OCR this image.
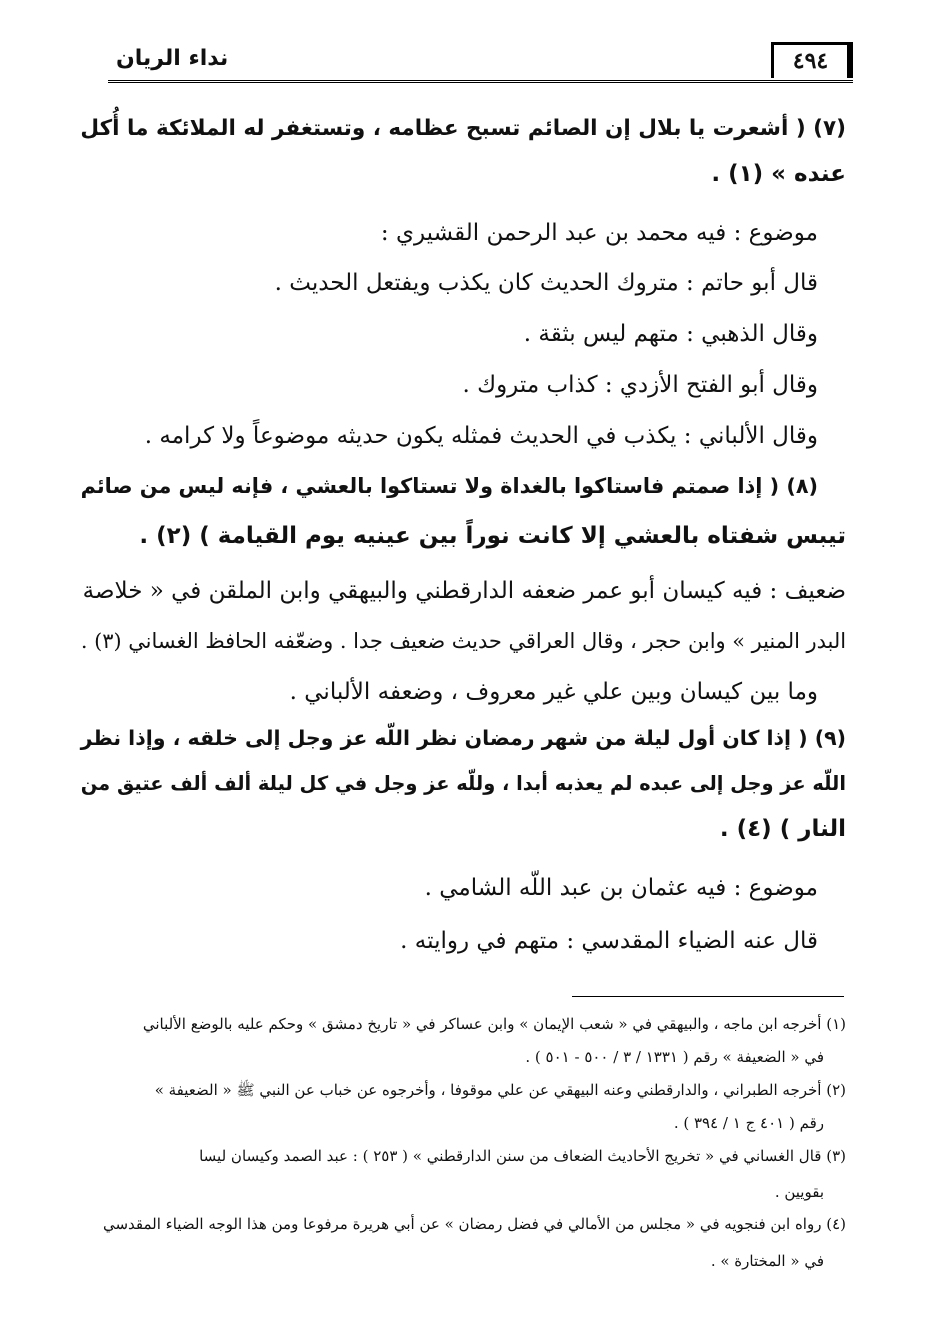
٤٩٤
نداء الريان
(٧) ( أشعرت يا بلال إن الصائم تسبح عظامه ، وتستغفر له الملائكة ما أُكل
عنده » (١) .
موضوع : فيه محمد بن عبد الرحمن القشيري :
قال أبو حاتم : متروك الحديث كان يكذب ويفتعل الحديث .
وقال الذهبي : متهم ليس بثقة .
وقال أبو الفتح الأزدي : كذاب متروك .
وقال الألباني : يكذب في الحديث فمثله يكون حديثه موضوعاً ولا كرامه .
(٨) ( إذا صمتم فاستاكوا بالغداة ولا تستاكوا بالعشي ، فإنه ليس من صائم
تيبس شفتاه بالعشي إلا كانت نوراً بين عينيه يوم القيامة ) (٢) .
ضعيف : فيه كيسان أبو عمر ضعفه الدارقطني والبيهقي وابن الملقن في « خلاصة
البدر المنير » وابن حجر ، وقال العراقي حديث ضعيف جدا . وضعّفه الحافظ الغساني (٣) .
وما بين كيسان وبين علي غير معروف ، وضعفه الألباني .
(٩) ( إذا كان أول ليلة من شهر رمضان نظر اللّه عز وجل إلى خلقه ، وإذا نظر
اللّه عز وجل إلى عبده لم يعذبه أبدا ، وللّه عز وجل في كل ليلة ألف ألف عتيق من
النار ) (٤) .
موضوع : فيه عثمان بن عبد اللّه الشامي .
قال عنه الضياء المقدسي : متهم في روايته .
(١) أخرجه ابن ماجه ، والبيهقي في « شعب الإيمان » وابن عساكر في « تاريخ دمشق » وحكم عليه بالوضع الألباني
في « الضعيفة » رقم ( ١٣٣١ / ٣ / ٥٠٠ - ٥٠١ ) .
(٢) أخرجه الطبراني ، والدارقطني وعنه البيهقي عن علي موقوفا ، وأخرجوه عن خباب عن النبي ﷺ « الضعيفة »
رقم ( ٤٠١ ج ١ / ٣٩٤ ) .
(٣) قال الغساني في « تخريج الأحاديث الضعاف من سنن الدارقطني » ( ٢٥٣ ) : عبد الصمد وكيسان ليسا
بقويين .
(٤) رواه ابن فنجويه في « مجلس من الأمالي في فضل رمضان » عن أبي هريرة مرفوعا ومن هذا الوجه الضياء المقدسي
في « المختارة » .
